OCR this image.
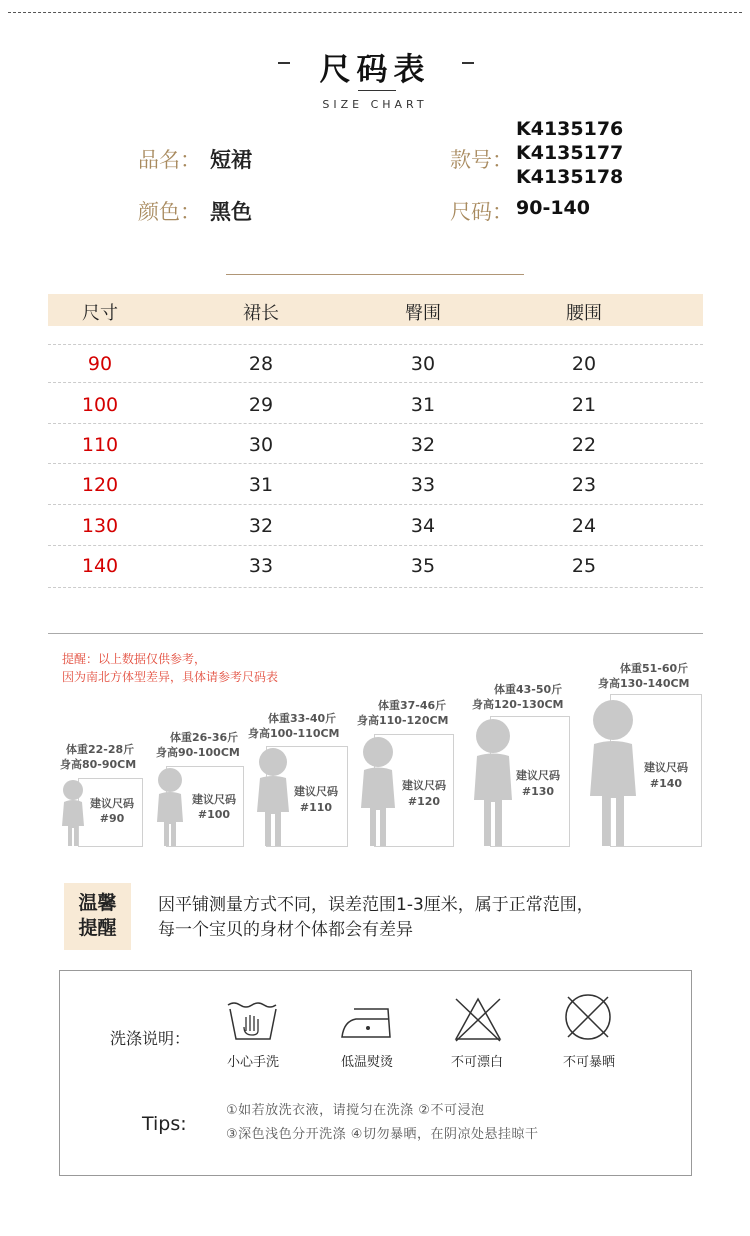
尺码表
SIZE CHART
品名： 短裙
颜色： 黑色
款号：
K4135176
K4135177
K4135178
尺码： 90-140
尺寸	裙长	臀围	腰围
90	28	30	20
100	29	31	21
110	30	32	22
120	31	33	23
130	32	34	24
140	33	35	25
提醒：以上数据仅供参考，
因为南北方体型差异，具体请参考尺码表
体重22-28斤
身高80-90CM
建议尺码
#90
体重26-36斤
身高90-100CM
建议尺码
#100
体重33-40斤
身高100-110CM
建议尺码
#110
体重37-46斤
身高110-120CM
建议尺码
#120
体重43-50斤
身高120-130CM
建议尺码
#130
体重51-60斤
身高130-140CM
建议尺码
#140
温馨
提醒
因平铺测量方式不同，误差范围1-3厘米，属于正常范围，
每一个宝贝的身材个体都会有差异
洗涤说明：
小心手洗	低温熨烫	不可漂白	不可暴晒
Tips:
①如若放洗衣液，请搅匀在洗涤 ②不可浸泡
③深色浅色分开洗涤 ④切勿暴晒，在阴凉处悬挂晾干
